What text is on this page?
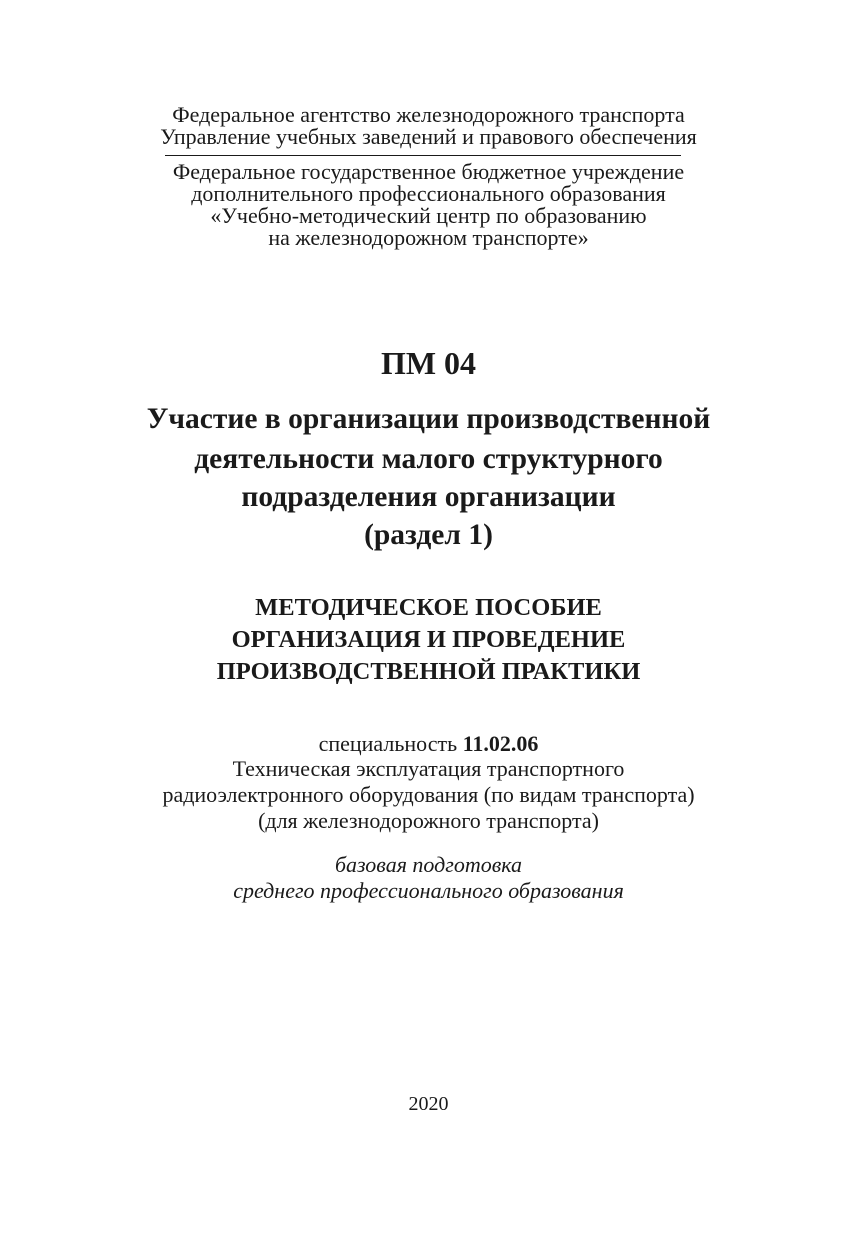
Федеральное агентство железнодорожного транспорта
Управление учебных заведений и правового обеспечения
Федеральное государственное бюджетное учреждение
дополнительного профессионального образования
«Учебно-методический центр по образованию
на железнодорожном транспорте»
ПМ 04
Участие в организации производственной
деятельности малого структурного
подразделения организации
(раздел 1)
МЕТОДИЧЕСКОЕ ПОСОБИЕ
ОРГАНИЗАЦИЯ И ПРОВЕДЕНИЕ
ПРОИЗВОДСТВЕННОЙ ПРАКТИКИ
специальность 11.02.06
Техническая эксплуатация транспортного
радиоэлектронного оборудования (по видам транспорта)
(для железнодорожного транспорта)
базовая подготовка
среднего профессионального образования
2020
